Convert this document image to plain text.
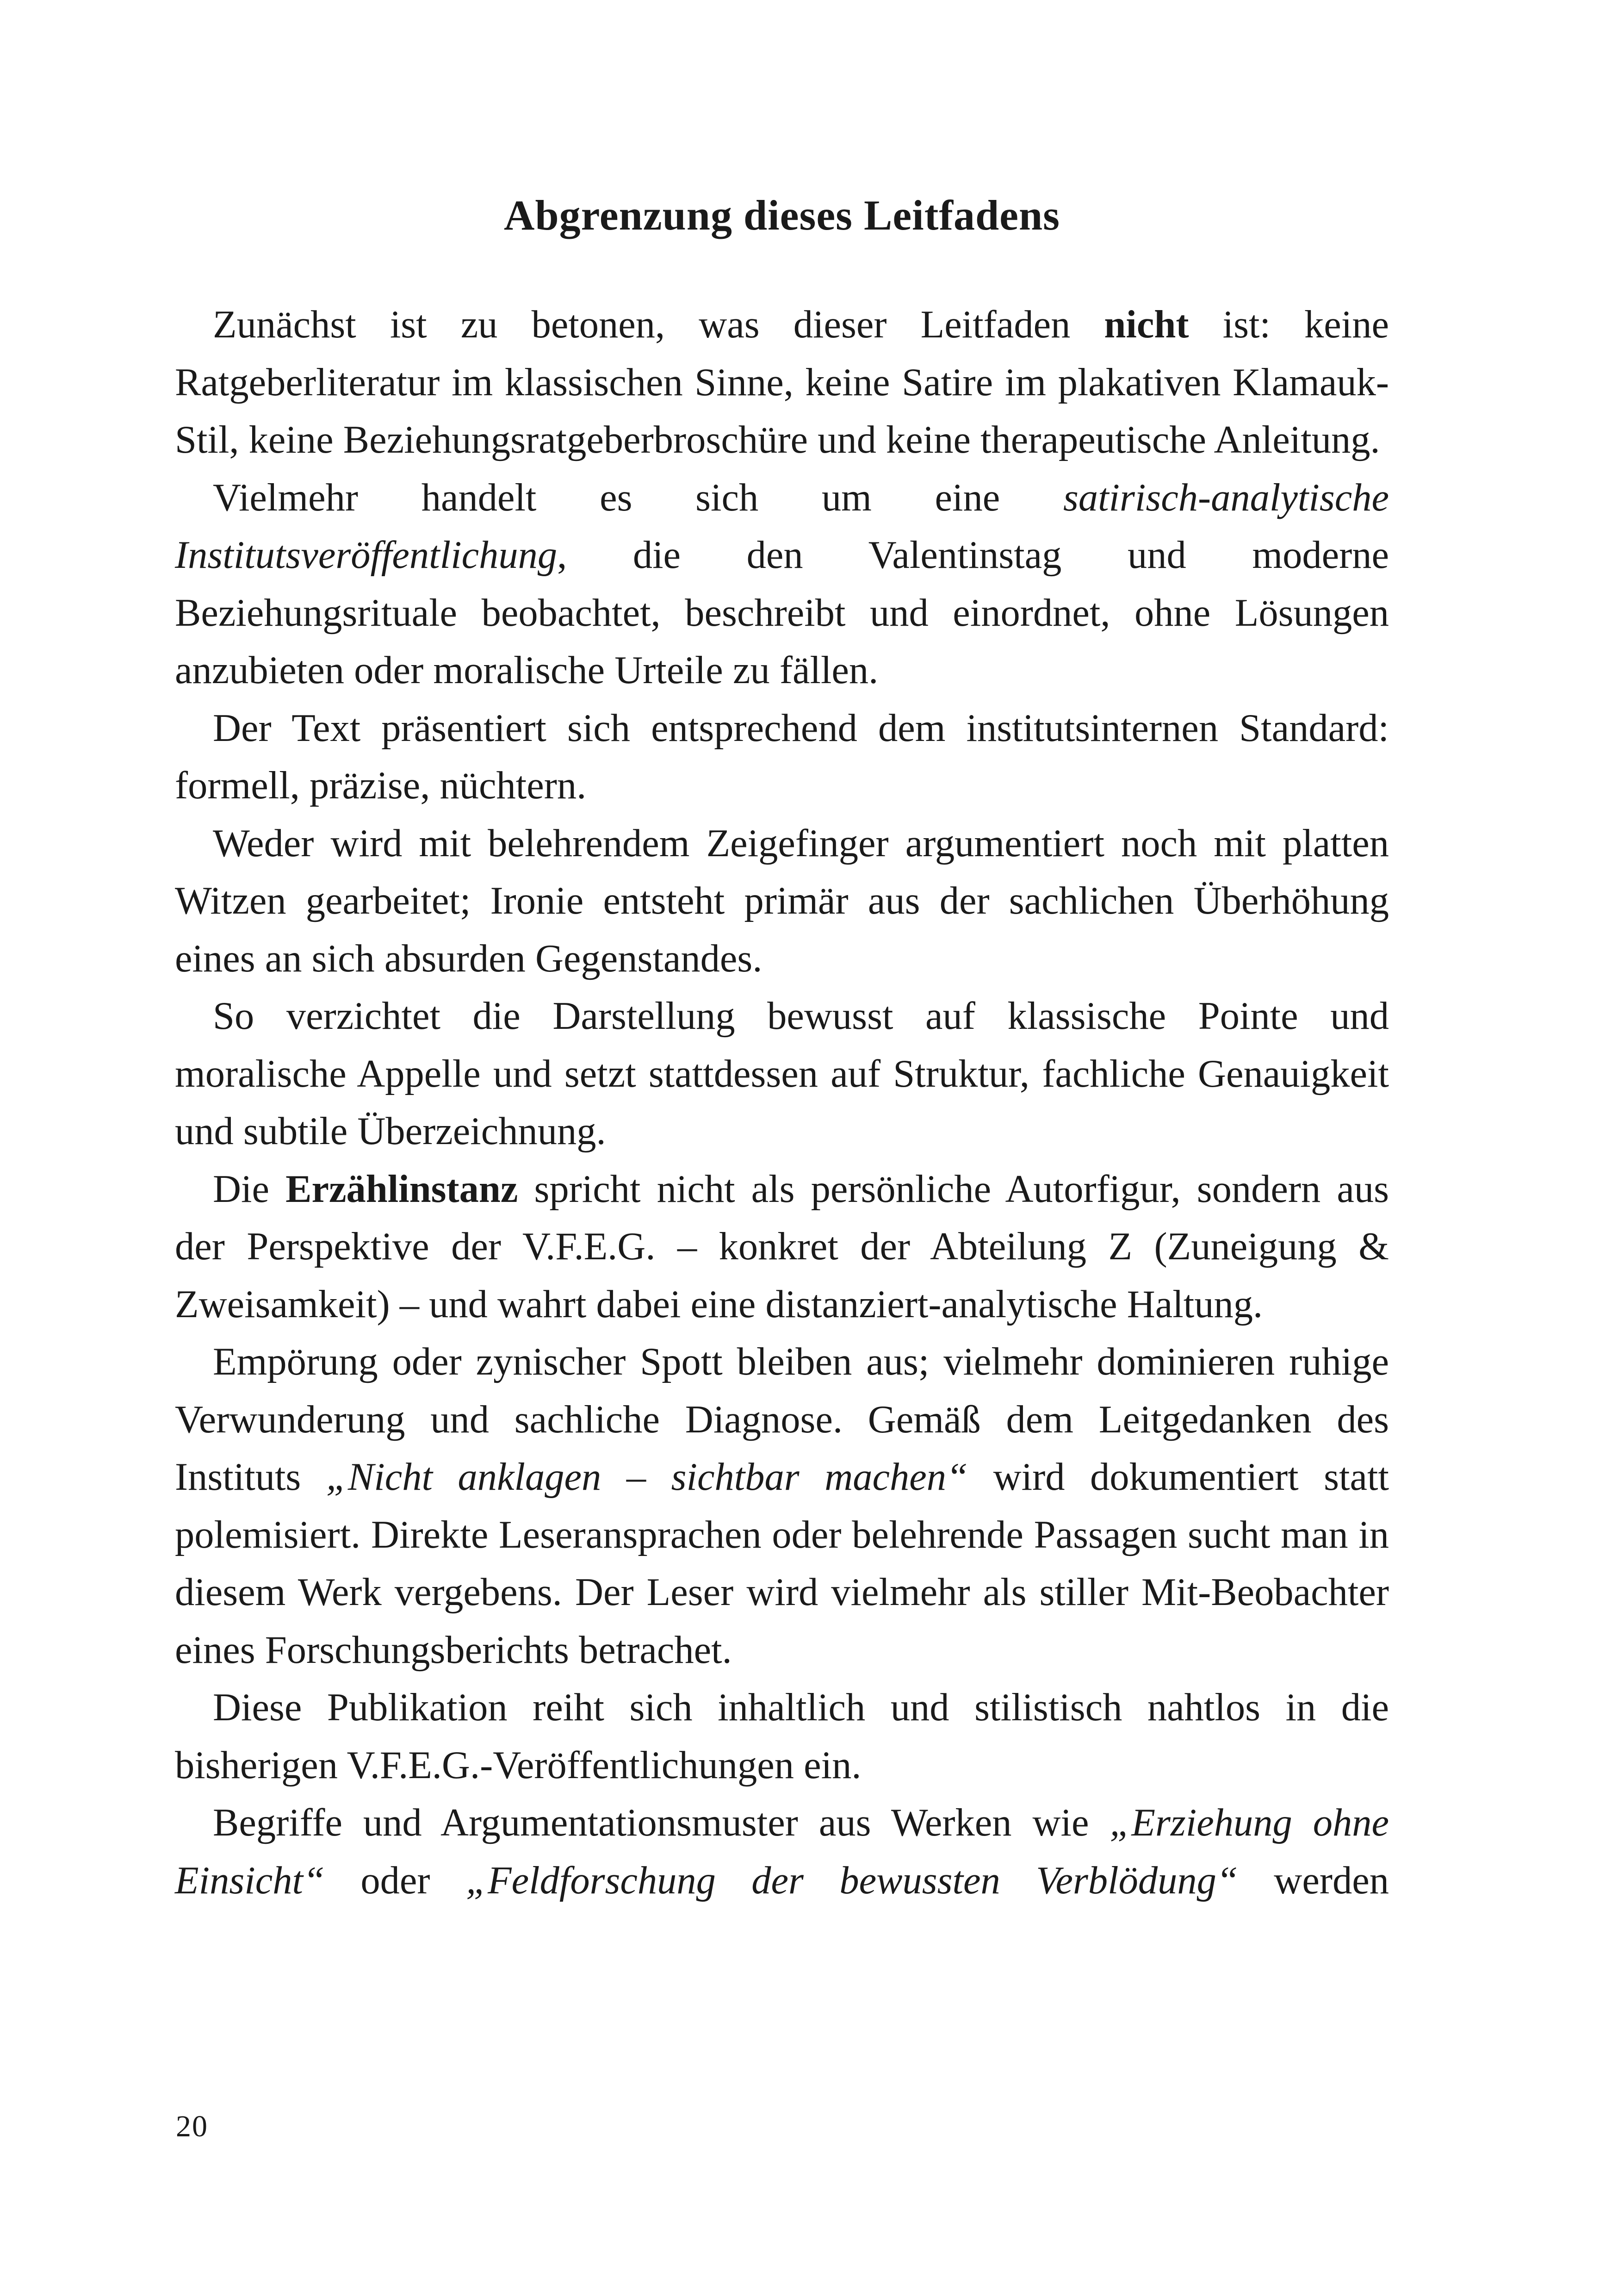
Abgrenzung dieses Leitfadens

Zunächst ist zu betonen, was dieser Leitfaden nicht ist: keine Ratgeberliteratur im klassischen Sinne, keine Satire im plakativen Klamauk-Stil, keine Beziehungsratgeberbroschüre und keine therapeutische Anleitung.

Vielmehr handelt es sich um eine satirisch-analytische Institutsveröffentlichung, die den Valentinstag und moderne Beziehungsrituale beobachtet, beschreibt und einordnet, ohne Lösungen anzubieten oder moralische Urteile zu fällen.

Der Text präsentiert sich entsprechend dem institutsinternen Standard: formell, präzise, nüchtern.

Weder wird mit belehrendem Zeigefinger argumentiert noch mit platten Witzen gearbeitet; Ironie entsteht primär aus der sachlichen Überhöhung eines an sich absurden Gegenstandes.

So verzichtet die Darstellung bewusst auf klassische Pointe und moralische Appelle und setzt stattdessen auf Struktur, fachliche Genauigkeit und subtile Überzeichnung.

Die Erzählinstanz spricht nicht als persönliche Autorfigur, sondern aus der Perspektive der V.F.E.G. – konkret der Abteilung Z (Zuneigung & Zweisamkeit) – und wahrt dabei eine distanziert-analytische Haltung.

Empörung oder zynischer Spott bleiben aus; vielmehr dominieren ruhige Verwunderung und sachliche Diagnose. Gemäß dem Leitgedanken des Instituts „Nicht anklagen – sichtbar machen“ wird dokumentiert statt polemisiert. Direkte Leseransprachen oder belehrende Passagen sucht man in diesem Werk vergebens. Der Leser wird vielmehr als stiller Mit-Beobachter eines Forschungsberichts betrachet.

Diese Publikation reiht sich inhaltlich und stilistisch nahtlos in die bisherigen V.F.E.G.-Veröffentlichungen ein.

Begriffe und Argumentationsmuster aus Werken wie „Erziehung ohne Einsicht“ oder „Feldforschung der bewussten Verblödung“ werden

20
